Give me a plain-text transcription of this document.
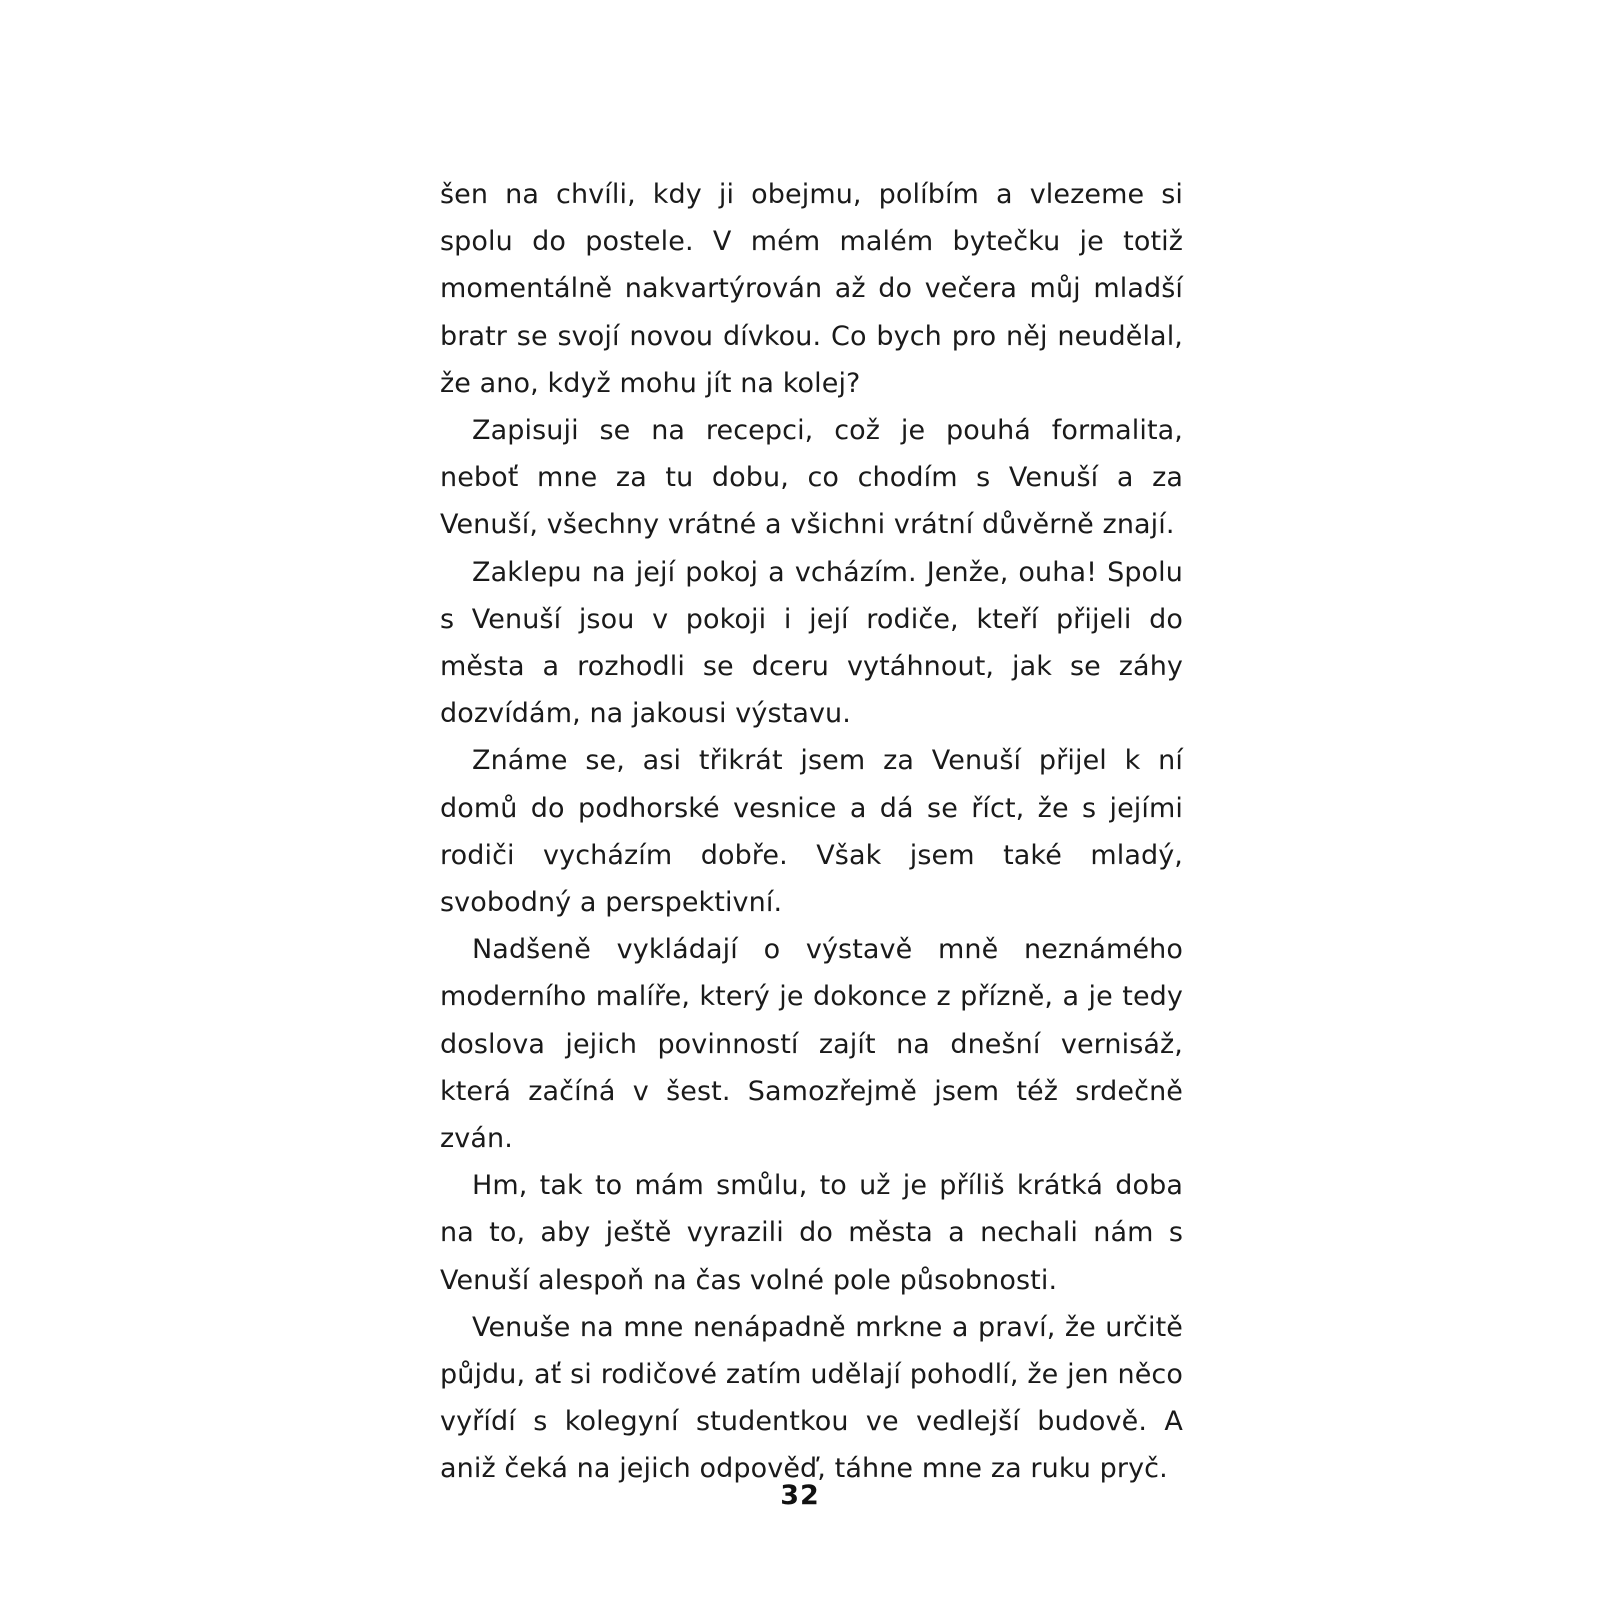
šen na chvíli, kdy ji obejmu, políbím a vlezeme si spolu do postele. V mém malém bytečku je totiž momentálně nakvartýrován až do večera můj mladší bratr se svojí novou dívkou. Co bych pro něj neudělal, že ano, když mohu jít na kolej?

Zapisuji se na recepci, což je pouhá formalita, neboť mne za tu dobu, co chodím s Venuší a za Venuší, všechny vrátné a všichni vrátní důvěrně znají.

Zaklepu na její pokoj a vcházím. Jenže, ouha! Spolu s Venuší jsou v pokoji i její rodiče, kteří přijeli do města a rozhodli se dceru vytáhnout, jak se záhy dozvídám, na jakousi výstavu.

Známe se, asi třikrát jsem za Venuší přijel k ní domů do podhorské vesnice a dá se říct, že s jejími rodiči vycházím dobře. Však jsem také mladý, svobodný a perspektivní.

Nadšeně vykládají o výstavě mně neznámého moderního malíře, který je dokonce z přízně, a je tedy doslova jejich povinností zajít na dnešní vernisáž, která začíná v šest. Samozřejmě jsem též srdečně zván.

Hm, tak to mám smůlu, to už je příliš krátká doba na to, aby ještě vyrazili do města a nechali nám s Venuší alespoň na čas volné pole působnosti.

Venuše na mne nenápadně mrkne a praví, že určitě půjdu, ať si rodičové zatím udělají pohodlí, že jen něco vyřídí s kolegyní studentkou ve vedlejší budově. A aniž čeká na jejich odpověď, táhne mne za ruku pryč.

32
